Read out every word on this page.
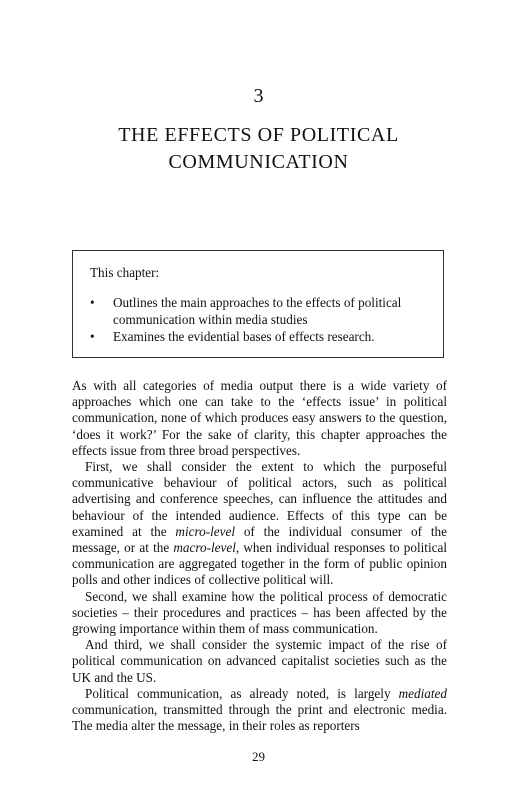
3
THE EFFECTS OF POLITICAL
COMMUNICATION

This chapter:

• Outlines the main approaches to the effects of political communication within media studies
• Examines the evidential bases of effects research.

As with all categories of media output there is a wide variety of approaches which one can take to the ‘effects issue’ in political communication, none of which produces easy answers to the question, ‘does it work?’ For the sake of clarity, this chapter approaches the effects issue from three broad perspectives.

First, we shall consider the extent to which the purposeful communicative behaviour of political actors, such as political advertising and conference speeches, can influence the attitudes and behaviour of the intended audience. Effects of this type can be examined at the micro-level of the individual consumer of the message, or at the macro-level, when individual responses to political communication are aggregated together in the form of public opinion polls and other indices of collective political will.

Second, we shall examine how the political process of democratic societies – their procedures and practices – has been affected by the growing importance within them of mass communication.

And third, we shall consider the systemic impact of the rise of political communication on advanced capitalist societies such as the UK and the US.

Political communication, as already noted, is largely mediated communication, transmitted through the print and electronic media. The media alter the message, in their roles as reporters

29
